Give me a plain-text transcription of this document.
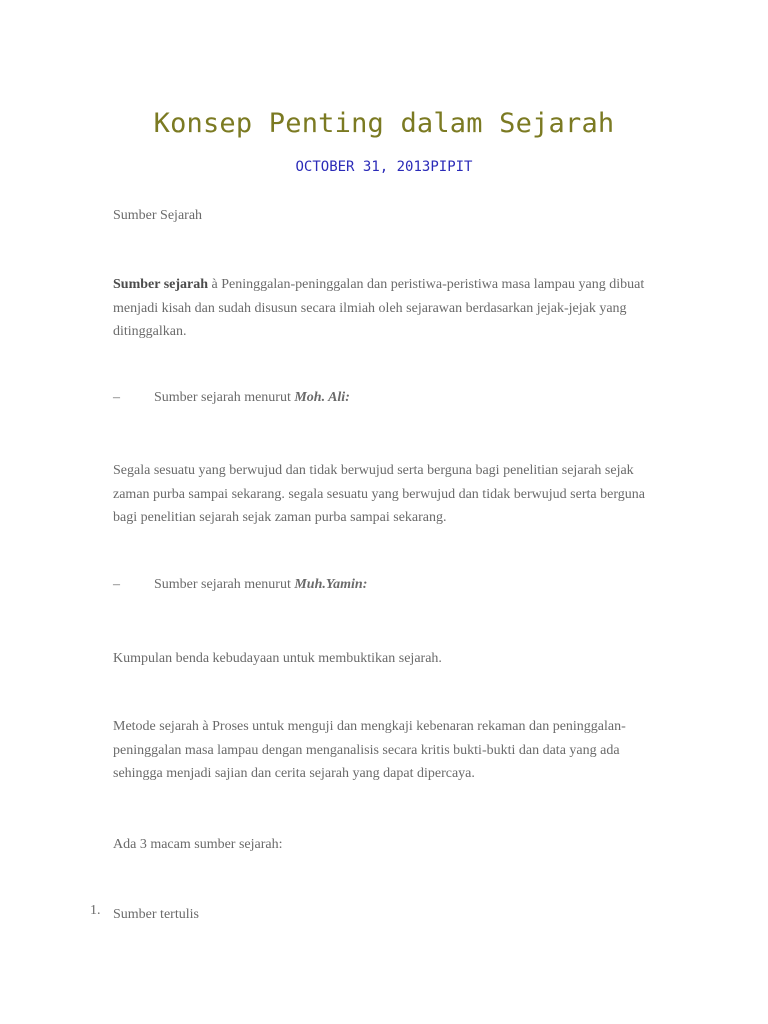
Konsep Penting dalam Sejarah
OCTOBER 31, 2013PIPIT
Sumber Sejarah
Sumber sejarah à Peninggalan-peninggalan dan peristiwa-peristiwa masa lampau yang dibuat menjadi kisah dan sudah disusun secara ilmiah oleh sejarawan berdasarkan jejak-jejak yang ditinggalkan.
– Sumber sejarah menurut Moh. Ali:
Segala sesuatu yang berwujud dan tidak berwujud serta berguna bagi penelitian sejarah sejak zaman purba sampai sekarang. segala sesuatu yang berwujud dan tidak berwujud serta berguna bagi penelitian sejarah sejak zaman purba sampai sekarang.
– Sumber sejarah menurut Muh.Yamin:
Kumpulan benda kebudayaan untuk membuktikan sejarah.
Metode sejarah à Proses untuk menguji dan mengkaji kebenaran rekaman dan peninggalan-peninggalan masa lampau dengan menganalisis secara kritis bukti-bukti dan data yang ada sehingga menjadi sajian dan cerita sejarah yang dapat dipercaya.
Ada 3 macam sumber sejarah:
1. Sumber tertulis
